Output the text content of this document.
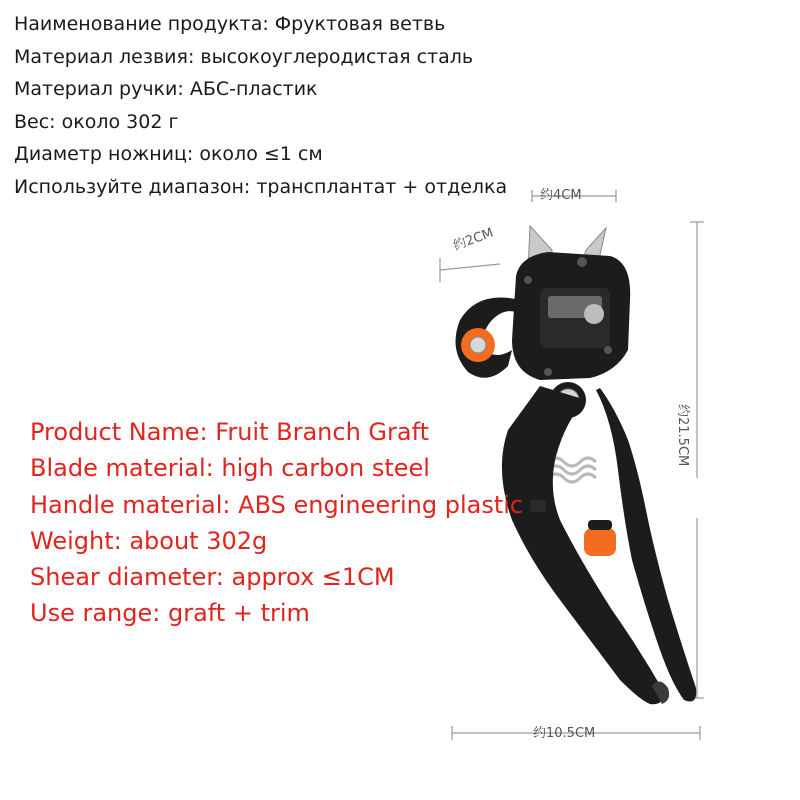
Наименование продукта: Фруктовая ветвь
Материал лезвия: высокоуглеродистая сталь
Материал ручки: АБС-пластик
Вес: около 302 г
Диаметр ножниц: около ≤1 см
Используйте диапазон: трансплантат + отделка	约4CM
约2CM
约21.5CM
约10.5CM
Product Name: Fruit Branch Graft
Blade material: high carbon steel
Handle material: ABS engineering plastic
Weight: about 302g
Shear diameter: approx ≤1CM
Use range: graft + trim
